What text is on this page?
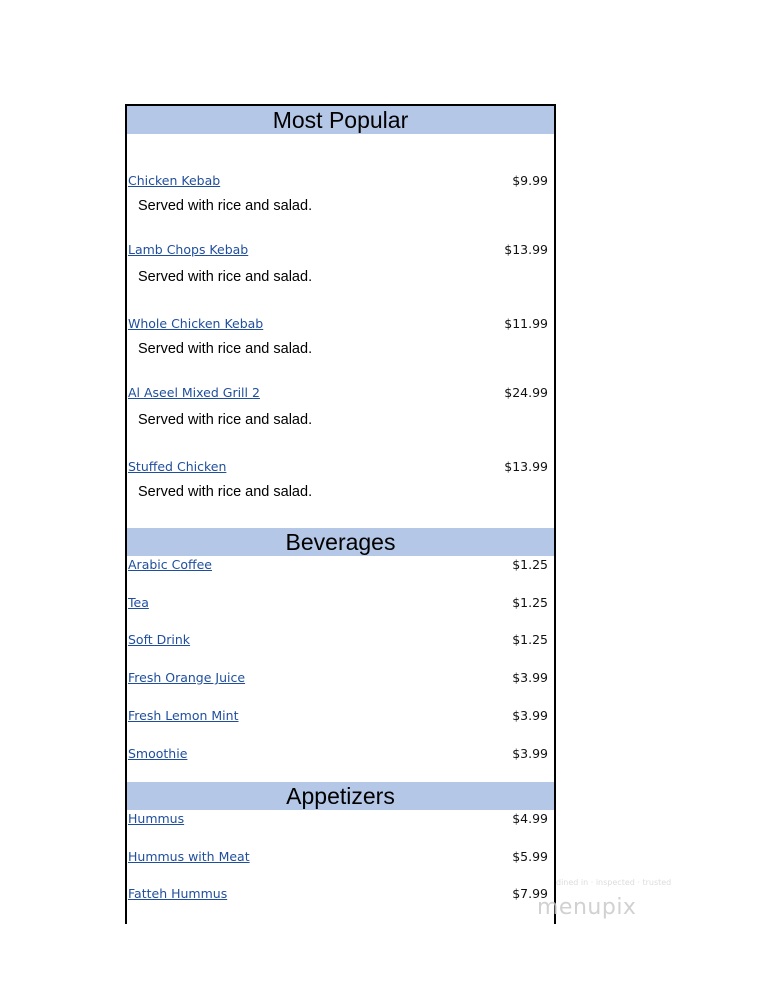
Most Popular
Chicken Kebab	$9.99
Served with rice and salad.
Lamb Chops Kebab	$13.99
Served with rice and salad.
Whole Chicken Kebab	$11.99
Served with rice and salad.
Al Aseel Mixed Grill 2	$24.99
Served with rice and salad.
Stuffed Chicken	$13.99
Served with rice and salad.
Beverages
Arabic Coffee	$1.25
Tea	$1.25
Soft Drink	$1.25
Fresh Orange Juice	$3.99
Fresh Lemon Mint	$3.99
Smoothie	$3.99
Appetizers
Hummus	$4.99
Hummus with Meat	$5.99
Fatteh Hummus	$7.99
dined in · inspected · trusted
menupix
